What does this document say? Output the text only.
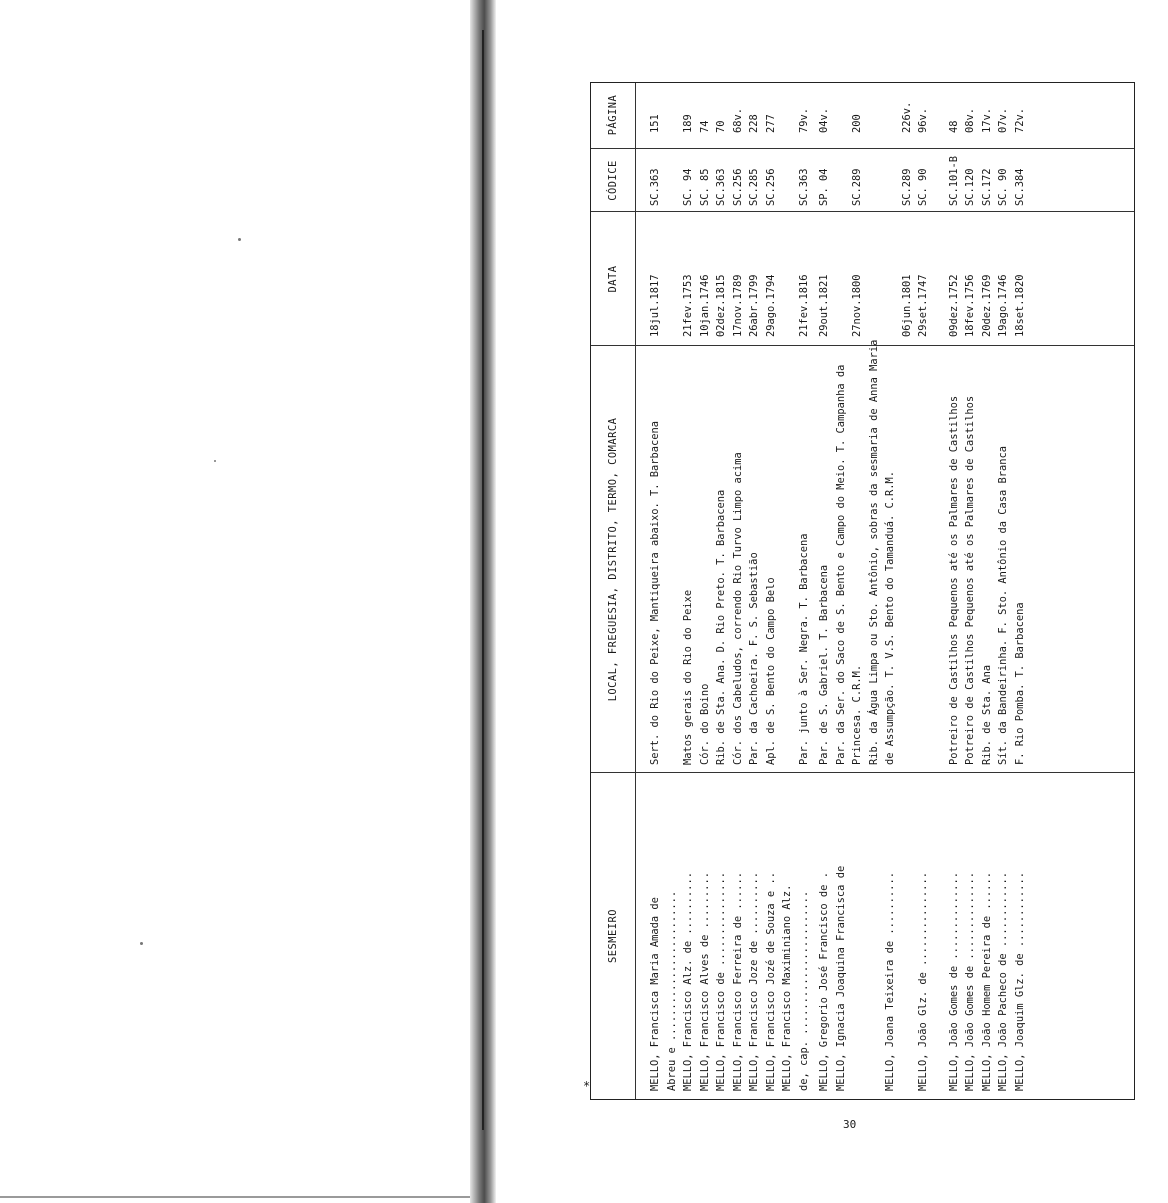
SESMEIRO
LOCAL, FREGUESIA, DISTRITO, TERMO, COMARCA
DATA
CÓDICE
PÁGINA
MELLO, Francisca Maria Amada de Abreu e ........................
Sert. do Rio do Peixe, Mantiqueira abaixo. T. Barbacena
18jul.1817
SC.363
151
MELLO, Francisco Alz. de ..........
Matos gerais do Rio do Peixe
21fev.1753
SC. 94
189
MELLO, Francisco Alves de .........
Cór. do Boino
10jan.1746
SC. 85
74
MELLO, Francisco de ...............
Rib. de Sta. Ana. D. Rio Preto. T. Barbacena
02dez.1815
SC.363
70
MELLO, Francisco Ferreira de ......
Cór. dos Cabeludos, correndo Rio Turvo Limpo acima
17nov.1789
SC.256
68v.
MELLO, Francisco Joze de ..........
Par. da Cachoeira. F. S. Sebastião
26abr.1799
SC.285
228
MELLO, Francisco Jozé de Souza e ..
Apl. de S. Bento do Campo Belo
29ago.1794
SC.256
277
MELLO, Francisco Maximiniano Alz. de, cap. .......................
Par. junto à Ser. Negra. T. Barbacena
21fev.1816
SC.363
79v.
MELLO, Gregorio José Francisco de .
Par. de S. Gabriel. T. Barbacena
29out.1821
SP. 04
04v.
MELLO, Ignacia Joaquina Francisca de
Par. da Ser. do Saco de S. Bento e Campo do Meio. T. Campanha da Princesa. C.R.M.
27nov.1800
SC.289
200
MELLO, Joana Teixeira de ..........
Rib. da Água Limpa ou Sto. Antônio, sobras da sesmaria de Anna Maria de Assumpção. T. V.S. Bento do Tamanduá. C.R.M.
06jun.1801
SC.289
226v.
MELLO, João Glz. de ...............
29set.1747
SC. 90
96v.
MELLO, João Gomes de ..............
Potreiro de Castilhos Pequenos até os Palmares de Castilhos
09dez.1752
SC.101-B
48
MELLO, João Gomes de ..............
Potreiro de Castilhos Pequenos até os Palmares de Castilhos
18fev.1756
SC.120
08v.
MELLO, João Homem Pereira de ......
Rib. de Sta. Ana
20dez.1769
SC.172
17v.
MELLO, João Pacheco de ............
Sít. da Bandeirinha. F. Sto. Antônio da Casa Branca
19ago.1746
SC. 90
07v.
MELLO, Joaquim Glz. de ............
F. Rio Pomba. T. Barbacena
18set.1820
SC.384
72v.
*
30
